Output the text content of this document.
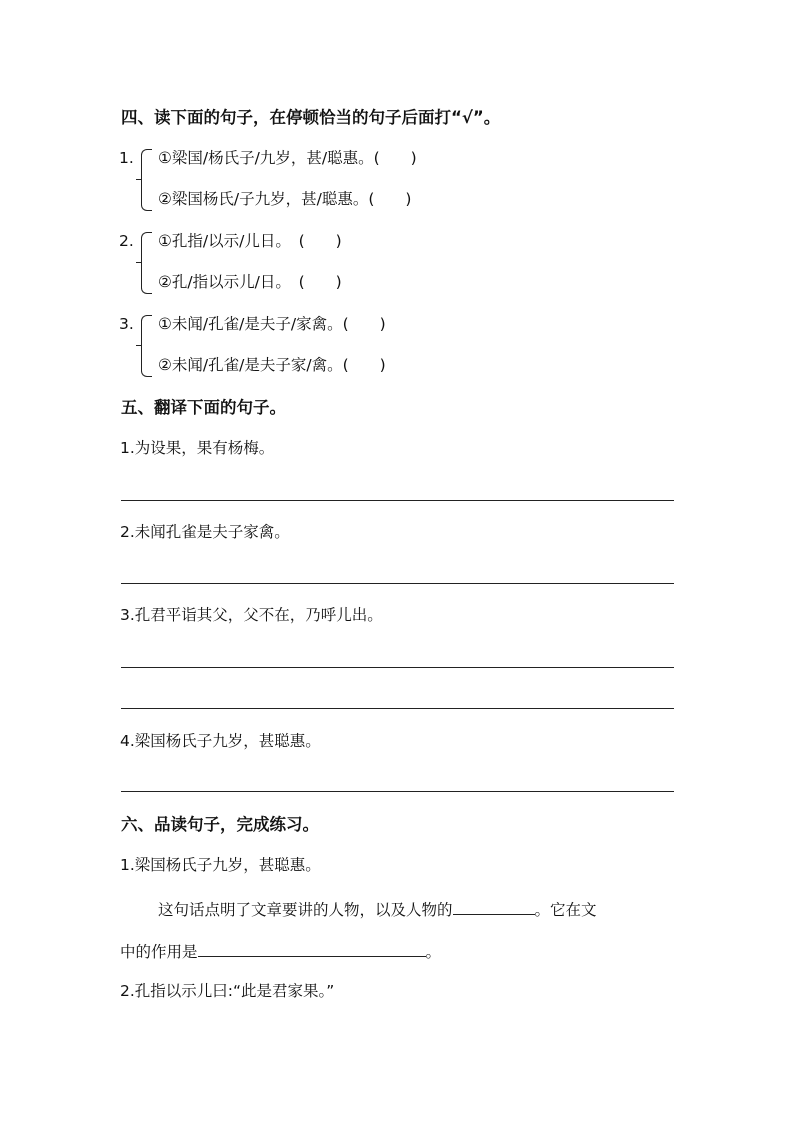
四、读下面的句子，在停顿恰当的句子后面打“√”。
1. ①梁国/杨氏子/九岁，甚/聪惠。(　　)
②梁国杨氏/子九岁，甚/聪惠。(　　)
2. ①孔指/以示/儿日。　(　　)
②孔/指以示儿/日。　(　　)
3. ①未闻/孔雀/是夫子/家禽。(　　)
②未闻/孔雀/是夫子家/禽。(　　)
五、翻译下面的句子。
1.为设果，果有杨梅。
2.未闻孔雀是夫子家禽。
3.孔君平诣其父，父不在，乃呼儿出。
4.梁国杨氏子九岁，甚聪惠。
六、品读句子，完成练习。
1.梁国杨氏子九岁，甚聪惠。
这句话点明了文章要讲的人物，以及人物的	。它在文
中的作用是	。
2.孔指以示儿曰:“此是君家果。”
